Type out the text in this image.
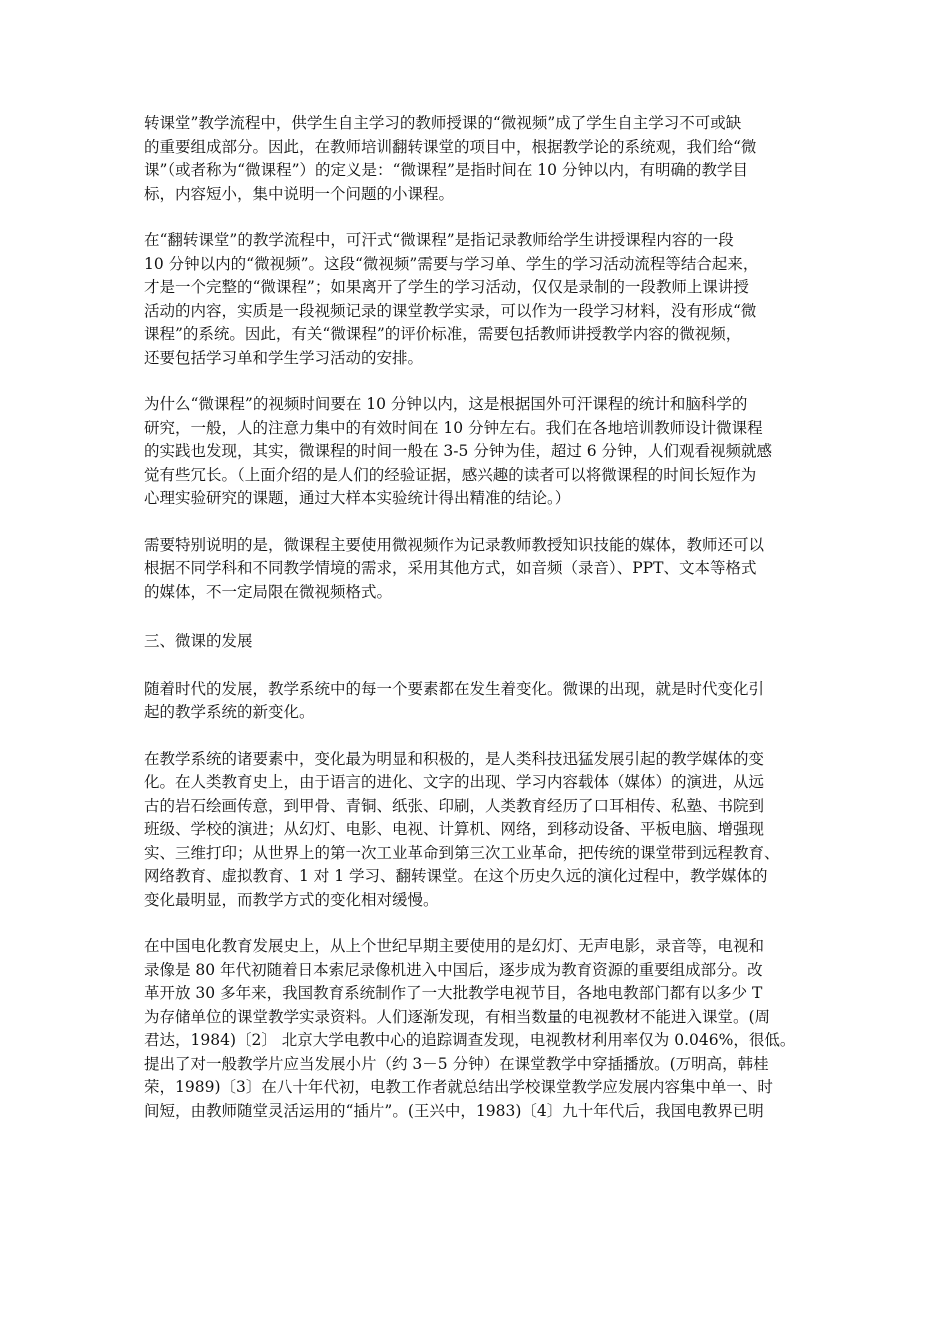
转课堂”教学流程中，供学生自主学习的教师授课的“微视频”成了学生自主学习不可或缺
的重要组成部分。因此，在教师培训翻转课堂的项目中，根据教学论的系统观，我们给“微
课”（或者称为“微课程”）的定义是：“微课程”是指时间在 10 分钟以内，有明确的教学目
标，内容短小，集中说明一个问题的小课程。

在“翻转课堂”的教学流程中，可汗式“微课程”是指记录教师给学生讲授课程内容的一段
10 分钟以内的“微视频”。这段“微视频”需要与学习单、学生的学习活动流程等结合起来，
才是一个完整的“微课程”；如果离开了学生的学习活动，仅仅是录制的一段教师上课讲授
活动的内容，实质是一段视频记录的课堂教学实录，可以作为一段学习材料，没有形成“微
课程”的系统。因此，有关“微课程”的评价标准，需要包括教师讲授教学内容的微视频，
还要包括学习单和学生学习活动的安排。

为什么“微课程”的视频时间要在 10 分钟以内，这是根据国外可汗课程的统计和脑科学的
研究，一般，人的注意力集中的有效时间在 10 分钟左右。我们在各地培训教师设计微课程
的实践也发现，其实，微课程的时间一般在 3-5 分钟为佳，超过 6 分钟，人们观看视频就感
觉有些冗长。（上面介绍的是人们的经验证据，感兴趣的读者可以将微课程的时间长短作为
心理实验研究的课题，通过大样本实验统计得出精准的结论。）

需要特别说明的是，微课程主要使用微视频作为记录教师教授知识技能的媒体，教师还可以
根据不同学科和不同教学情境的需求，采用其他方式，如音频（录音）、PPT、文本等格式
的媒体，不一定局限在微视频格式。

三、微课的发展

随着时代的发展，教学系统中的每一个要素都在发生着变化。微课的出现，就是时代变化引
起的教学系统的新变化。

在教学系统的诸要素中，变化最为明显和积极的，是人类科技迅猛发展引起的教学媒体的变
化。在人类教育史上，由于语言的进化、文字的出现、学习内容载体（媒体）的演进，从远
古的岩石绘画传意，到甲骨、青铜、纸张、印刷，人类教育经历了口耳相传、私塾、书院到
班级、学校的演进；从幻灯、电影、电视、计算机、网络，到移动设备、平板电脑、增强现
实、三维打印；从世界上的第一次工业革命到第三次工业革命，把传统的课堂带到远程教育、
网络教育、虚拟教育、1 对 1 学习、翻转课堂。在这个历史久远的演化过程中，教学媒体的
变化最明显，而教学方式的变化相对缓慢。

在中国电化教育发展史上，从上个世纪早期主要使用的是幻灯、无声电影，录音等，电视和
录像是 80 年代初随着日本索尼录像机进入中国后，逐步成为教育资源的重要组成部分。改
革开放 30 多年来，我国教育系统制作了一大批教学电视节目，各地电教部门都有以多少 T
为存储单位的课堂教学实录资料。人们逐渐发现，有相当数量的电视教材不能进入课堂。(周
君达，1984)〔2〕 北京大学电教中心的追踪调查发现，电视教材利用率仅为 0.046%，很低。
提出了对一般教学片应当发展小片（约 3－5 分钟）在课堂教学中穿插播放。(万明高，韩桂
荣，1989)〔3〕在八十年代初，电教工作者就总结出学校课堂教学应发展内容集中单一、时
间短，由教师随堂灵活运用的“插片”。(王兴中，1983)〔4〕九十年代后，我国电教界已明
